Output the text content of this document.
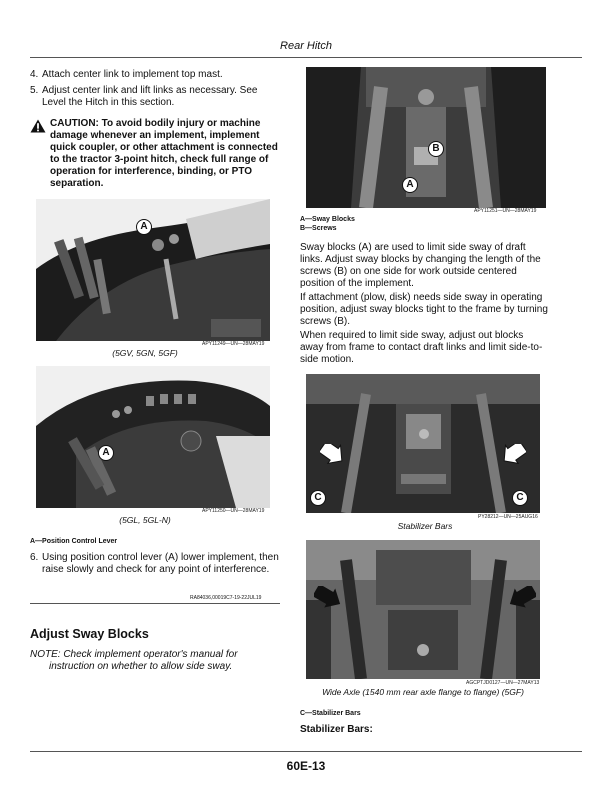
Rear Hitch
4. Attach center link to implement top mast.
5. Adjust center link and lift links as necessary. See Level the Hitch in this section.
CAUTION: To avoid bodily injury or machine damage whenever an implement, implement quick coupler, or other attachment is connected to the tractor 3-point hitch, check full range of operation for interference, binding, or PTO separation.
A
APY11249—UN—28MAY19
(5GV, 5GN, 5GF)
A
APY11250—UN—28MAY19
(5GL, 5GL-N)
A—Position Control Lever
6. Using position control lever (A) lower implement, then raise slowly and check for any point of interference.
RA84036,00019C7-19-22JUL19
Adjust Sway Blocks
NOTE: Check implement operator's manual for
instruction on whether to allow side sway.
B
A
APY11251—UN—28MAY19
A—Sway Blocks
B—Screws
Sway blocks (A) are used to limit side sway of draft links. Adjust sway blocks by changing the length of the screws (B) on one side for work outside centered position of the implement.
If attachment (plow, disk) needs side sway in operating position, adjust sway blocks tight to the frame by turning screws (B).
When required to limit side sway, adjust out blocks away from frame to contact draft links and limit side-to-side motion.
C	C
PY28212—UN—25AUG16
Stabilizer Bars
AGCPTJD0127—UN—27MAY13
Wide Axle (1540 mm rear axle flange to flange) (5GF)
C—Stabilizer Bars
Stabilizer Bars:
60E-13
